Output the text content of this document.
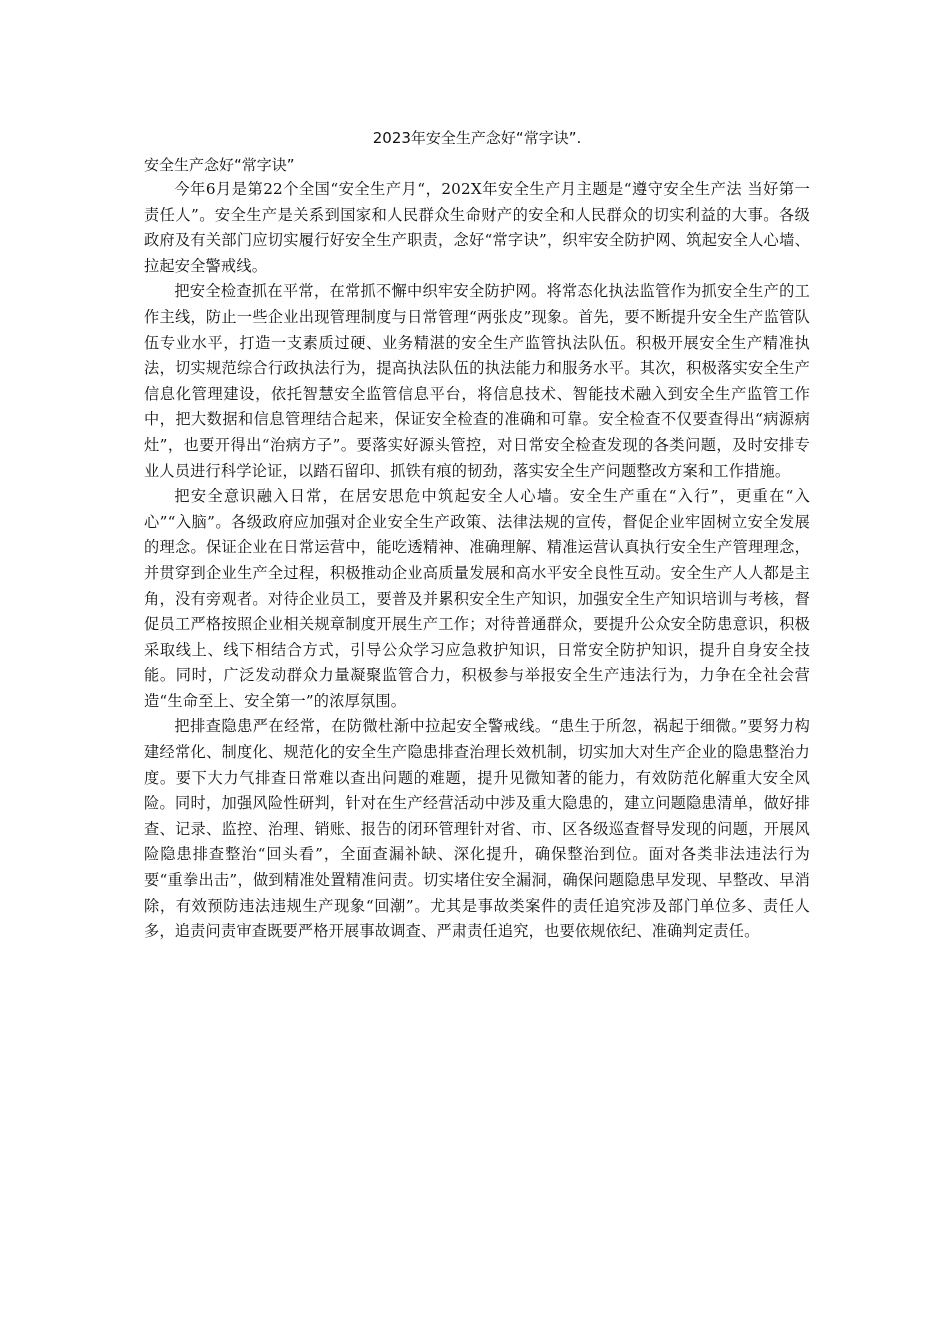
2023年安全生产念好“常字诀”.
安全生产念好“常字诀”

今年6月是第22个全国“安全生产月“，202X年安全生产月主题是“遵守安全生产法 当好第一责任人”。安全生产是关系到国家和人民群众生命财产的安全和人民群众的切实利益的大事。各级政府及有关部门应切实履行好安全生产职责，念好“常字诀”，织牢安全防护网、筑起安全人心墙、拉起安全警戒线。

把安全检查抓在平常，在常抓不懈中织牢安全防护网。将常态化执法监管作为抓安全生产的工作主线，防止一些企业出现管理制度与日常管理“两张皮”现象。首先，要不断提升安全生产监管队伍专业水平，打造一支素质过硬、业务精湛的安全生产监管执法队伍。积极开展安全生产精准执法，切实规范综合行政执法行为，提高执法队伍的执法能力和服务水平。其次，积极落实安全生产信息化管理建设，依托智慧安全监管信息平台，将信息技术、智能技术融入到安全生产监管工作中，把大数据和信息管理结合起来，保证安全检查的准确和可靠。安全检查不仅要查得出“病源病灶”，也要开得出“治病方子”。要落实好源头管控，对日常安全检查发现的各类问题，及时安排专业人员进行科学论证，以踏石留印、抓铁有痕的韧劲，落实安全生产问题整改方案和工作措施。

把安全意识融入日常，在居安思危中筑起安全人心墙。安全生产重在“入行”，更重在“入心”“入脑”。各级政府应加强对企业安全生产政策、法律法规的宣传，督促企业牢固树立安全发展的理念。保证企业在日常运营中，能吃透精神、准确理解、精准运营认真执行安全生产管理理念，并贯穿到企业生产全过程，积极推动企业高质量发展和高水平安全良性互动。安全生产人人都是主角，没有旁观者。对待企业员工，要普及并累积安全生产知识，加强安全生产知识培训与考核，督促员工严格按照企业相关规章制度开展生产工作；对待普通群众，要提升公众安全防患意识，积极采取线上、线下相结合方式，引导公众学习应急救护知识，日常安全防护知识，提升自身安全技能。同时，广泛发动群众力量凝聚监管合力，积极参与举报安全生产违法行为，力争在全社会营造“生命至上、安全第一”的浓厚氛围。

把排查隐患严在经常，在防微杜渐中拉起安全警戒线。“患生于所忽，祸起于细微。”要努力构建经常化、制度化、规范化的安全生产隐患排查治理长效机制，切实加大对生产企业的隐患整治力度。要下大力气排查日常难以查出问题的难题，提升见微知著的能力，有效防范化解重大安全风险。同时，加强风险性研判，针对在生产经营活动中涉及重大隐患的，建立问题隐患清单，做好排查、记录、监控、治理、销账、报告的闭环管理针对省、市、区各级巡查督导发现的问题，开展风险隐患排查整治“回头看”，全面查漏补缺、深化提升，确保整治到位。面对各类非法违法行为要“重拳出击”，做到精准处置精准问责。切实堵住安全漏洞，确保问题隐患早发现、早整改、早消除，有效预防违法违规生产现象“回潮”。尤其是事故类案件的责任追究涉及部门单位多、责任人多，追责问责审查既要严格开展事故调查、严肃责任追究，也要依规依纪、准确判定责任。
